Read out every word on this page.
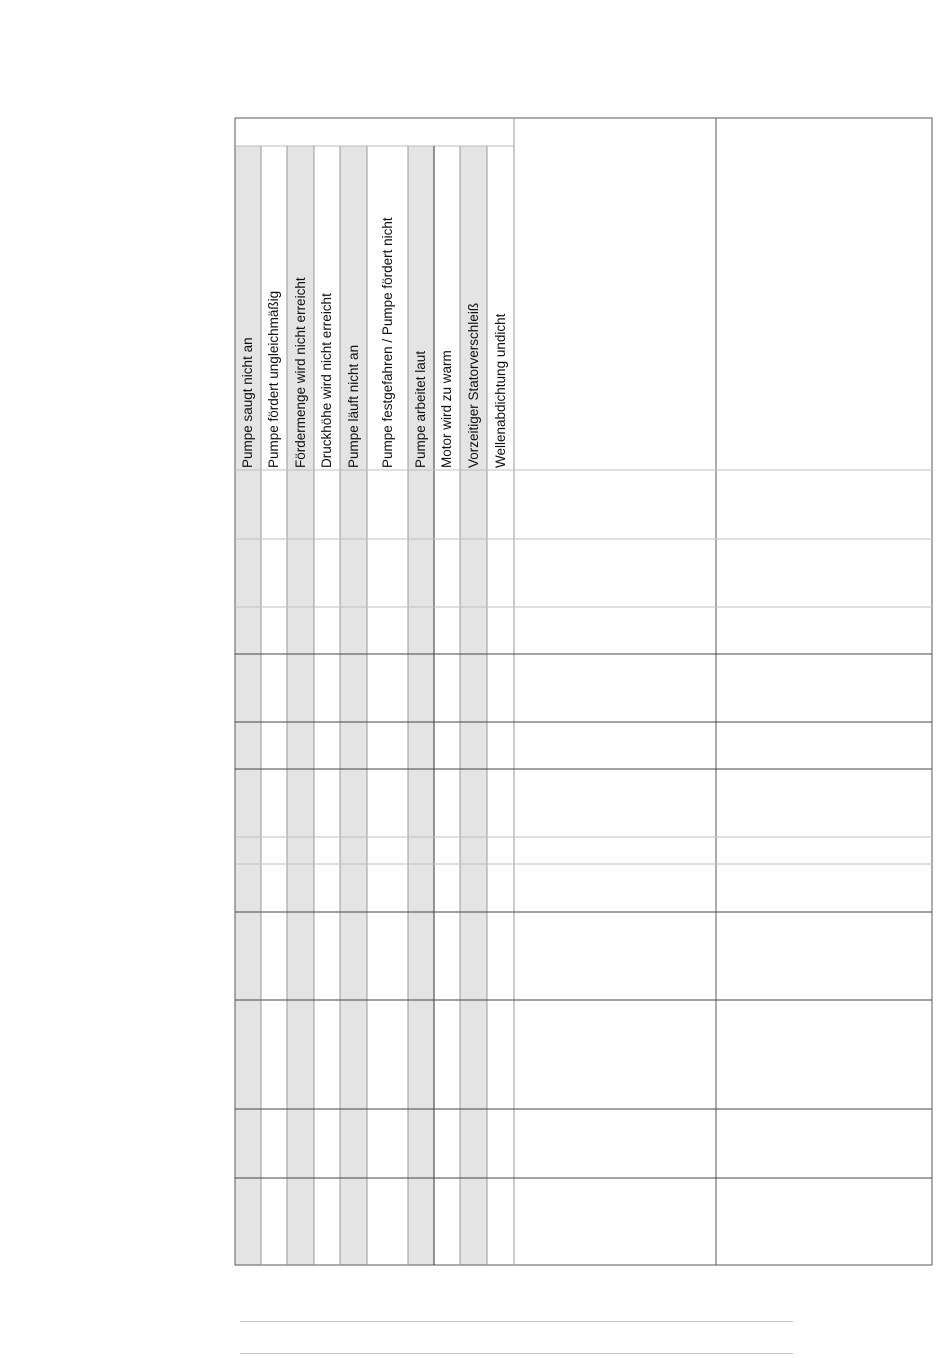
Pumpe saugt nicht an Pumpe fördert ungleichmäßig Fördermenge wird nicht erreicht Druckhöhe wird nicht erreicht Pumpe läuft nicht an Pumpe festgefahren / Pumpe fördert nicht Pumpe arbeitet laut Motor wird zu warm Vorzeitiger Statorverschleiß Wellenabdichtung undicht
